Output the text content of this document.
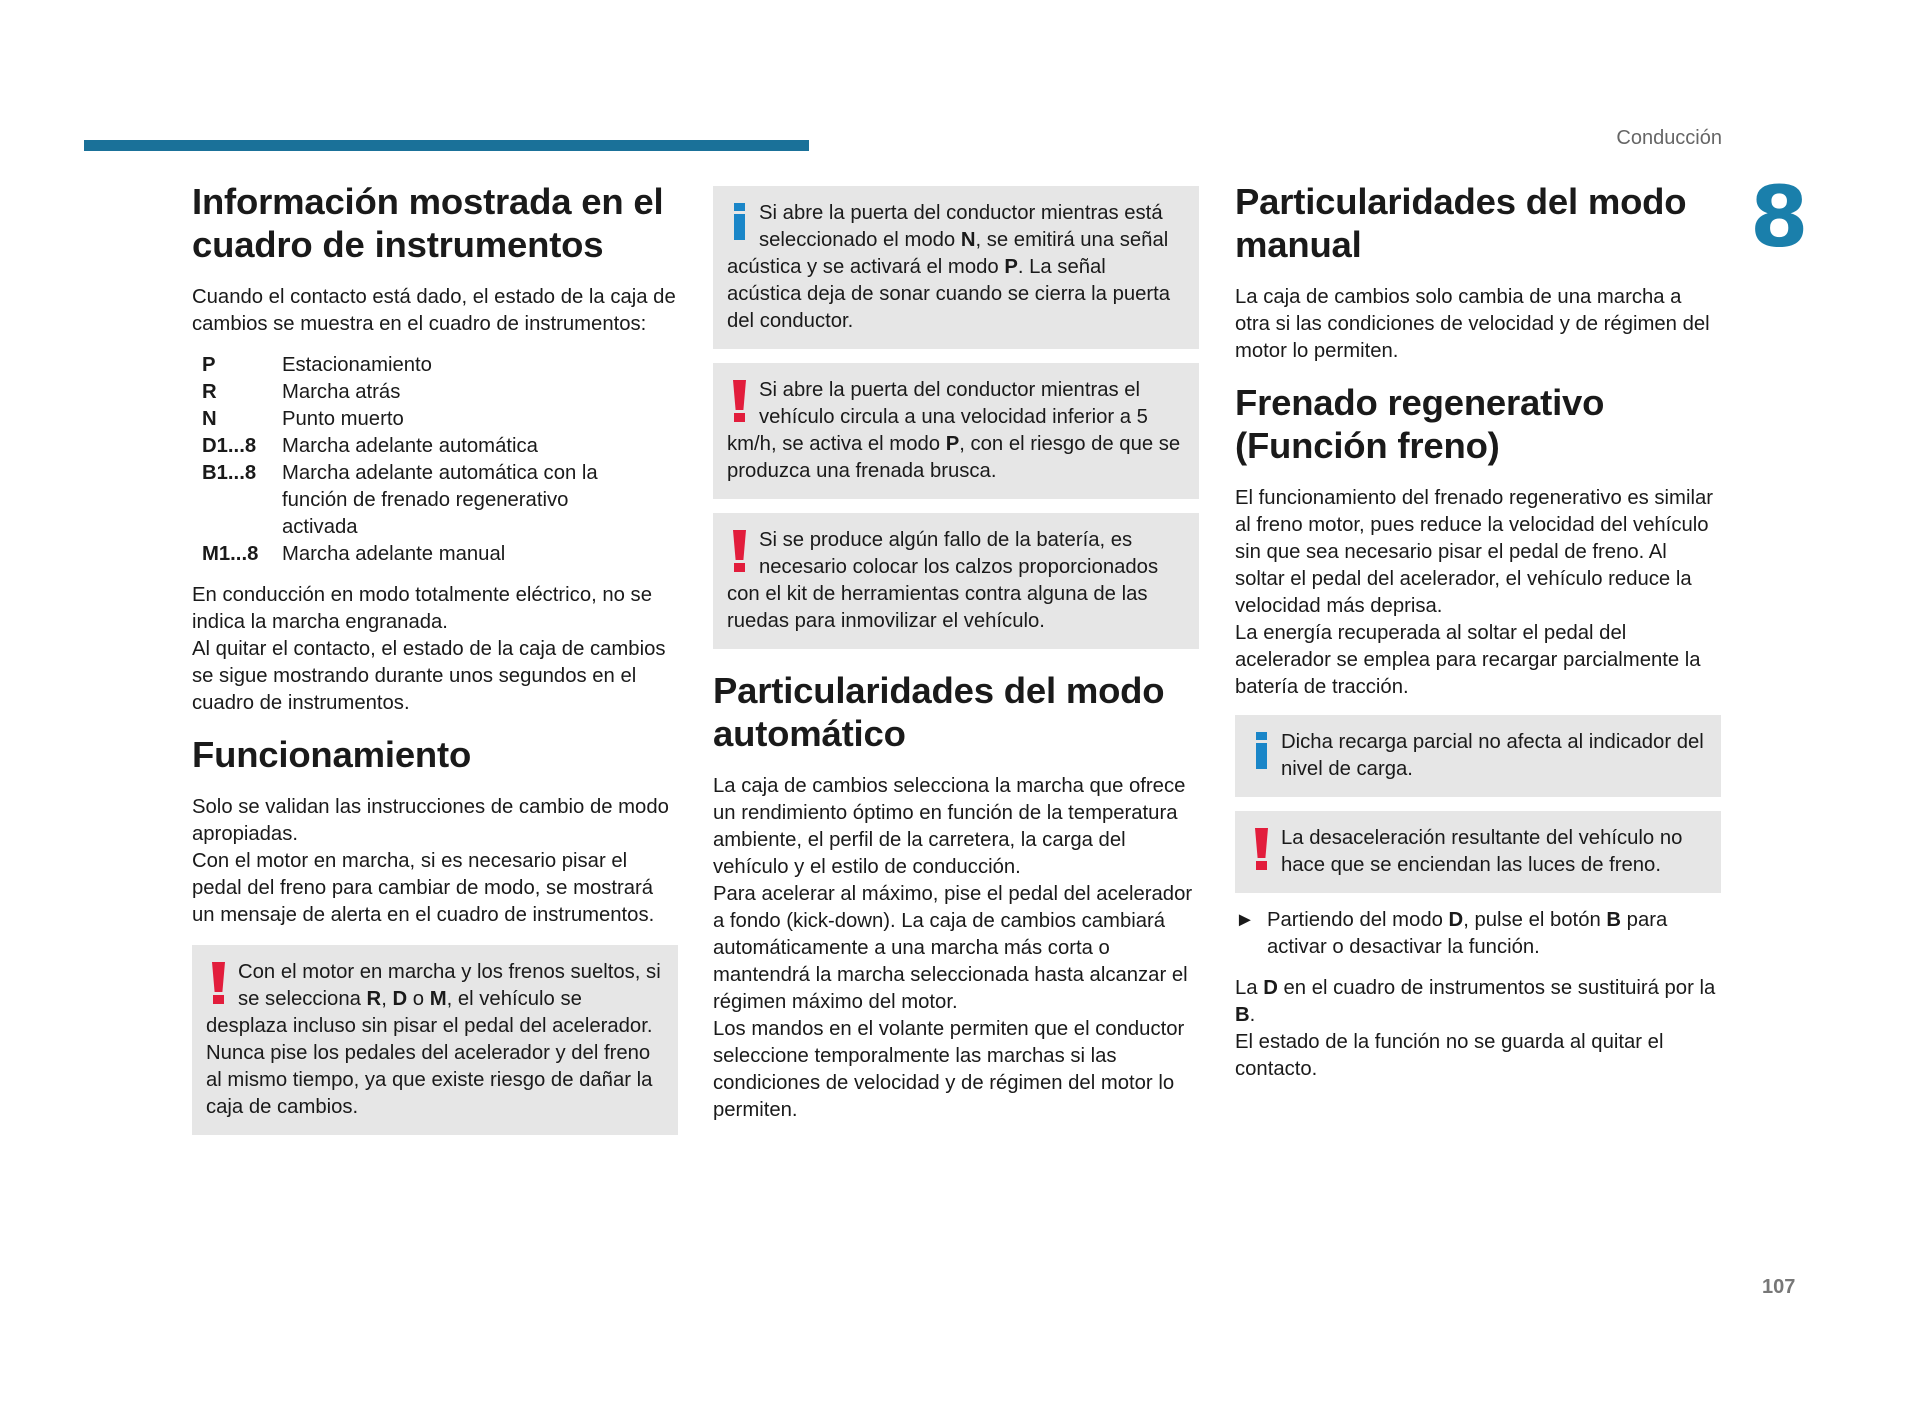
Conducción
8
107
Información mostrada en el cuadro de instrumentos

Cuando el contacto está dado, el estado de la caja de cambios se muestra en el cuadro de instrumentos:

P	Estacionamiento
R	Marcha atrás
N	Punto muerto
D1...8	Marcha adelante automática
B1...8	Marcha adelante automática con la función de frenado regenerativo activada
M1...8	Marcha adelante manual

En conducción en modo totalmente eléctrico, no se indica la marcha engranada.

Al quitar el contacto, el estado de la caja de cambios se sigue mostrando durante unos segundos en el cuadro de instrumentos.

Funcionamiento

Solo se validan las instrucciones de cambio de modo apropiadas.

Con el motor en marcha, si es necesario pisar el pedal del freno para cambiar de modo, se mostrará un mensaje de alerta en el cuadro de instrumentos.

Con el motor en marcha y los frenos sueltos, si se selecciona R, D o M, el vehículo se desplaza incluso sin pisar el pedal del acelerador.
Nunca pise los pedales del acelerador y del freno al mismo tiempo, ya que existe riesgo de dañar la caja de cambios.
Si abre la puerta del conductor mientras está seleccionado el modo N, se emitirá una señal acústica y se activará el modo P. La señal acústica deja de sonar cuando se cierra la puerta del conductor.
Si abre la puerta del conductor mientras el vehículo circula a una velocidad inferior a 5 km/h, se activa el modo P, con el riesgo de que se produzca una frenada brusca.
Si se produce algún fallo de la batería, es necesario colocar los calzos proporcionados con el kit de herramientas contra alguna de las ruedas para inmovilizar el vehículo.
Particularidades del modo automático

La caja de cambios selecciona la marcha que ofrece un rendimiento óptimo en función de la temperatura ambiente, el perfil de la carretera, la carga del vehículo y el estilo de conducción.

Para acelerar al máximo, pise el pedal del acelerador a fondo (kick-down). La caja de cambios cambiará automáticamente a una marcha más corta o mantendrá la marcha seleccionada hasta alcanzar el régimen máximo del motor.

Los mandos en el volante permiten que el conductor seleccione temporalmente las marchas si las condiciones de velocidad y de régimen del motor lo permiten.

Particularidades del modo manual

La caja de cambios solo cambia de una marcha a otra si las condiciones de velocidad y de régimen del motor lo permiten.

Frenado regenerativo (Función freno)

El funcionamiento del frenado regenerativo es similar al freno motor, pues reduce la velocidad del vehículo sin que sea necesario pisar el pedal de freno. Al soltar el pedal del acelerador, el vehículo reduce la velocidad más deprisa.

La energía recuperada al soltar el pedal del acelerador se emplea para recargar parcialmente la batería de tracción.

Dicha recarga parcial no afecta al indicador del nivel de carga.
La desaceleración resultante del vehículo no hace que se enciendan las luces de freno.
► Partiendo del modo D, pulse el botón B para activar o desactivar la función.

La D en el cuadro de instrumentos se sustituirá por la B.

El estado de la función no se guarda al quitar el contacto.
